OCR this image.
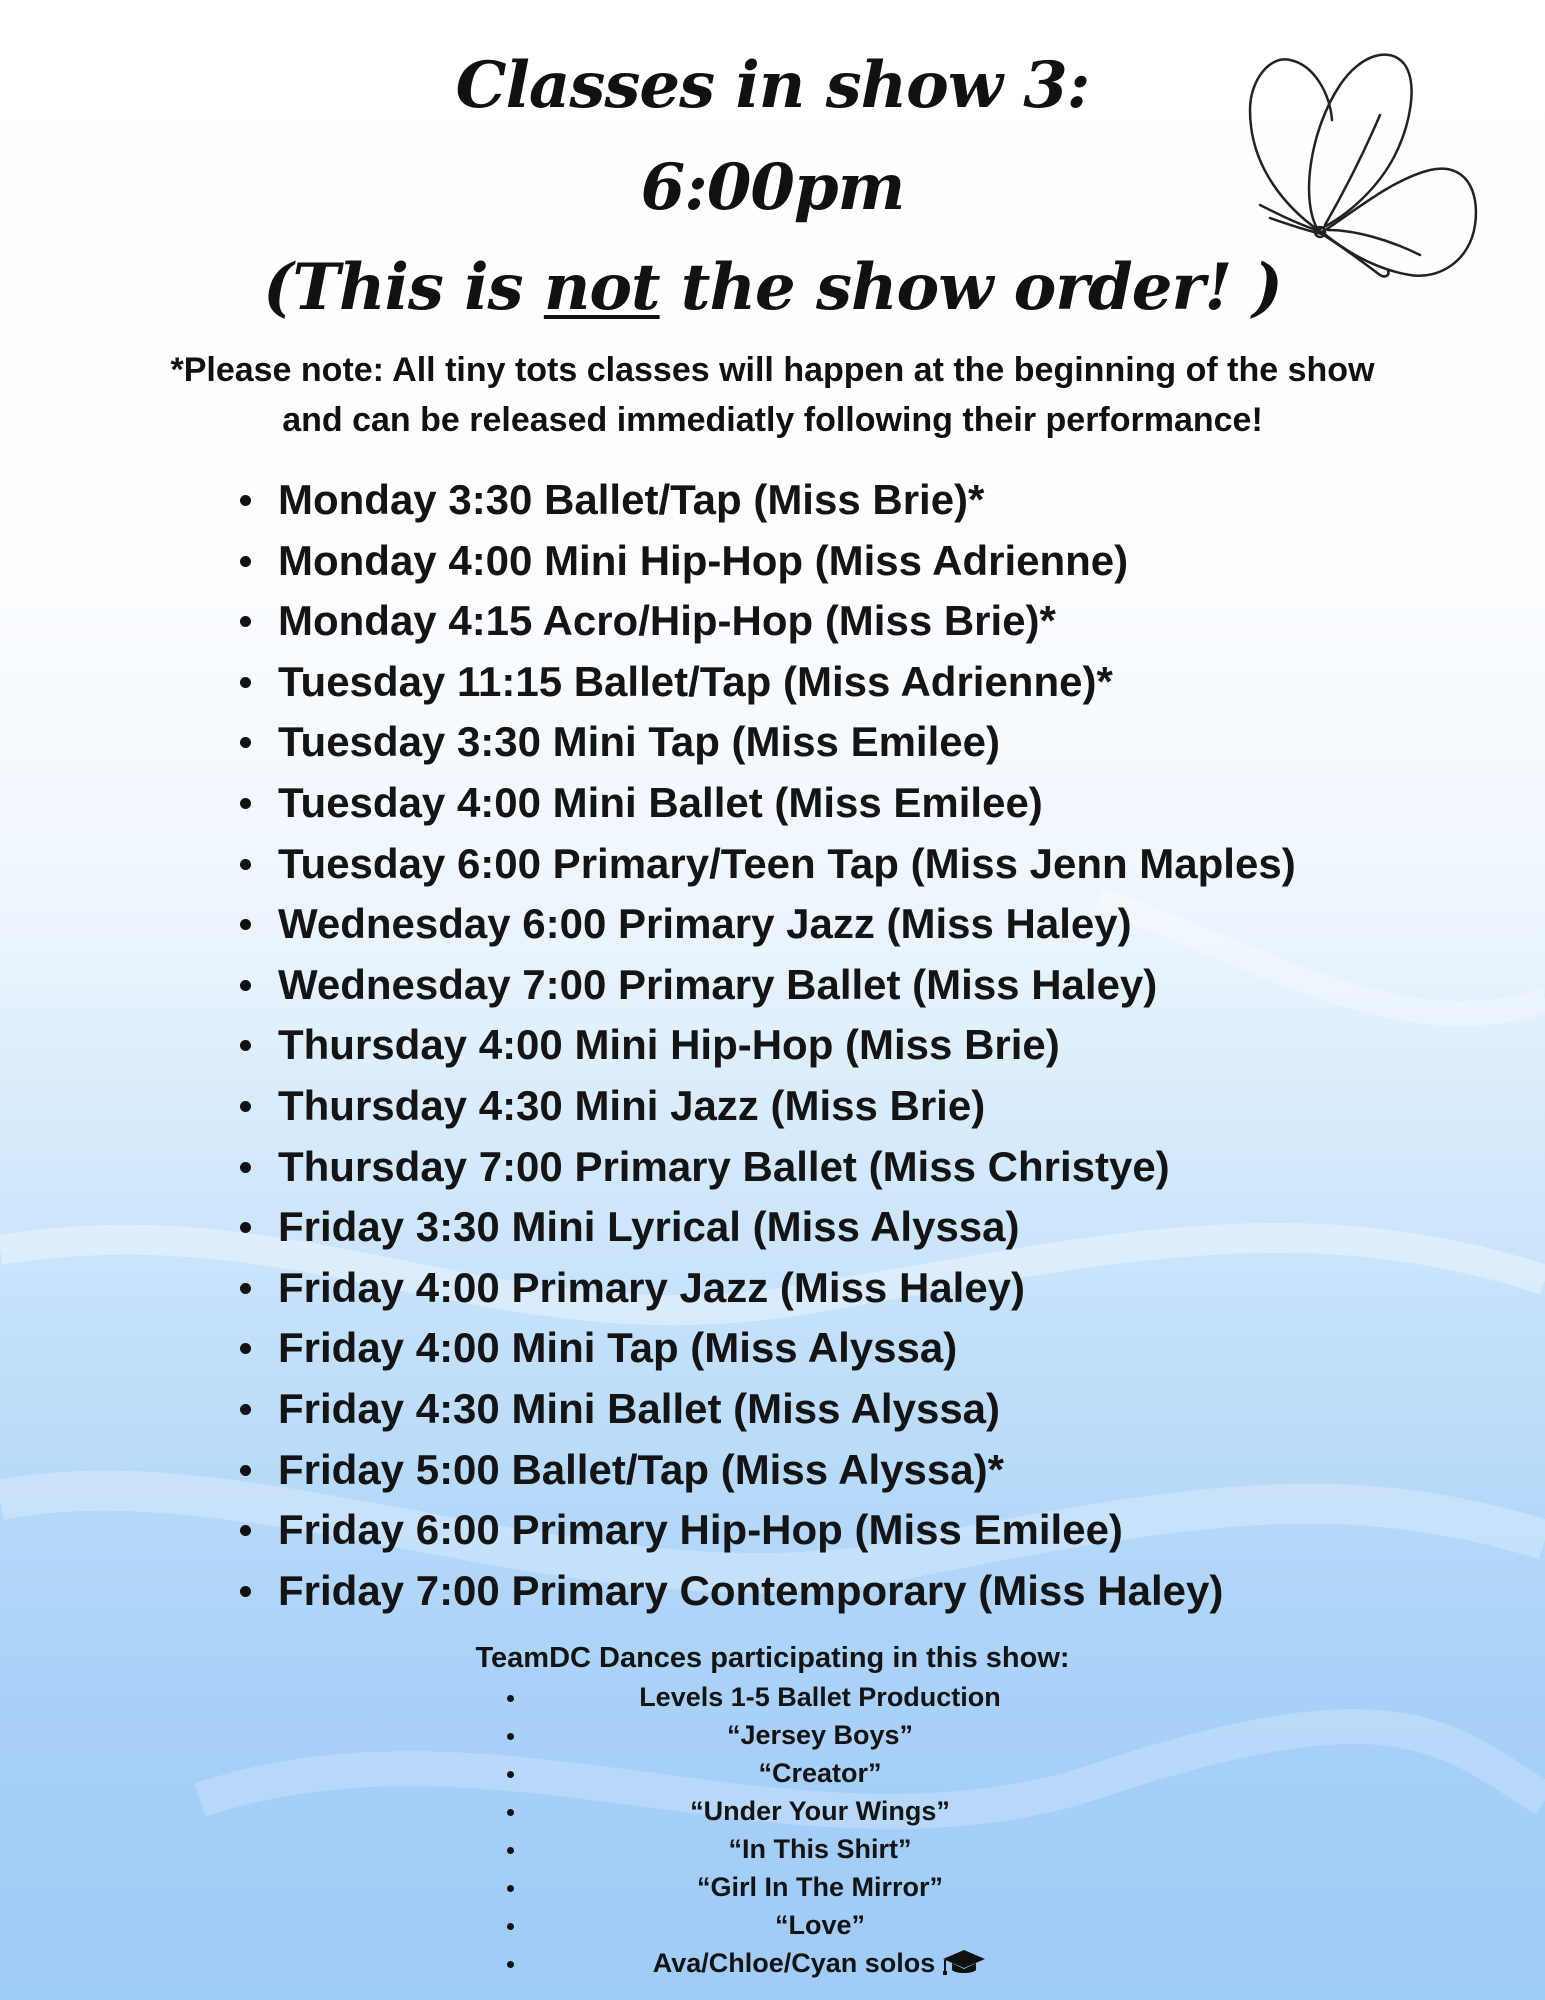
Classes in show 3:
6:00pm
(This is not the show order! )
*Please note: All tiny tots classes will happen at the beginning of the show
and can be released immediatly following their performance!
Monday 3:30 Ballet/Tap (Miss Brie)*
Monday 4:00 Mini Hip-Hop (Miss Adrienne)
Monday 4:15 Acro/Hip-Hop (Miss Brie)*
Tuesday 11:15 Ballet/Tap (Miss Adrienne)*
Tuesday 3:30 Mini Tap (Miss Emilee)
Tuesday 4:00 Mini Ballet (Miss Emilee)
Tuesday 6:00 Primary/Teen Tap (Miss Jenn Maples)
Wednesday 6:00 Primary Jazz (Miss Haley)
Wednesday 7:00 Primary Ballet (Miss Haley)
Thursday 4:00 Mini Hip-Hop (Miss Brie)
Thursday 4:30 Mini Jazz (Miss Brie)
Thursday 7:00 Primary Ballet (Miss Christye)
Friday 3:30 Mini Lyrical (Miss Alyssa)
Friday 4:00 Primary Jazz (Miss Haley)
Friday 4:00 Mini Tap (Miss Alyssa)
Friday 4:30 Mini Ballet (Miss Alyssa)
Friday 5:00 Ballet/Tap (Miss Alyssa)*
Friday 6:00 Primary Hip-Hop (Miss Emilee)
Friday 7:00 Primary Contemporary (Miss Haley)
TeamDC Dances participating in this show:
Levels 1-5 Ballet Production
“Jersey Boys”
“Creator”
“Under Your Wings”
“In This Shirt”
“Girl In The Mirror”
“Love”
Ava/Chloe/Cyan solos
